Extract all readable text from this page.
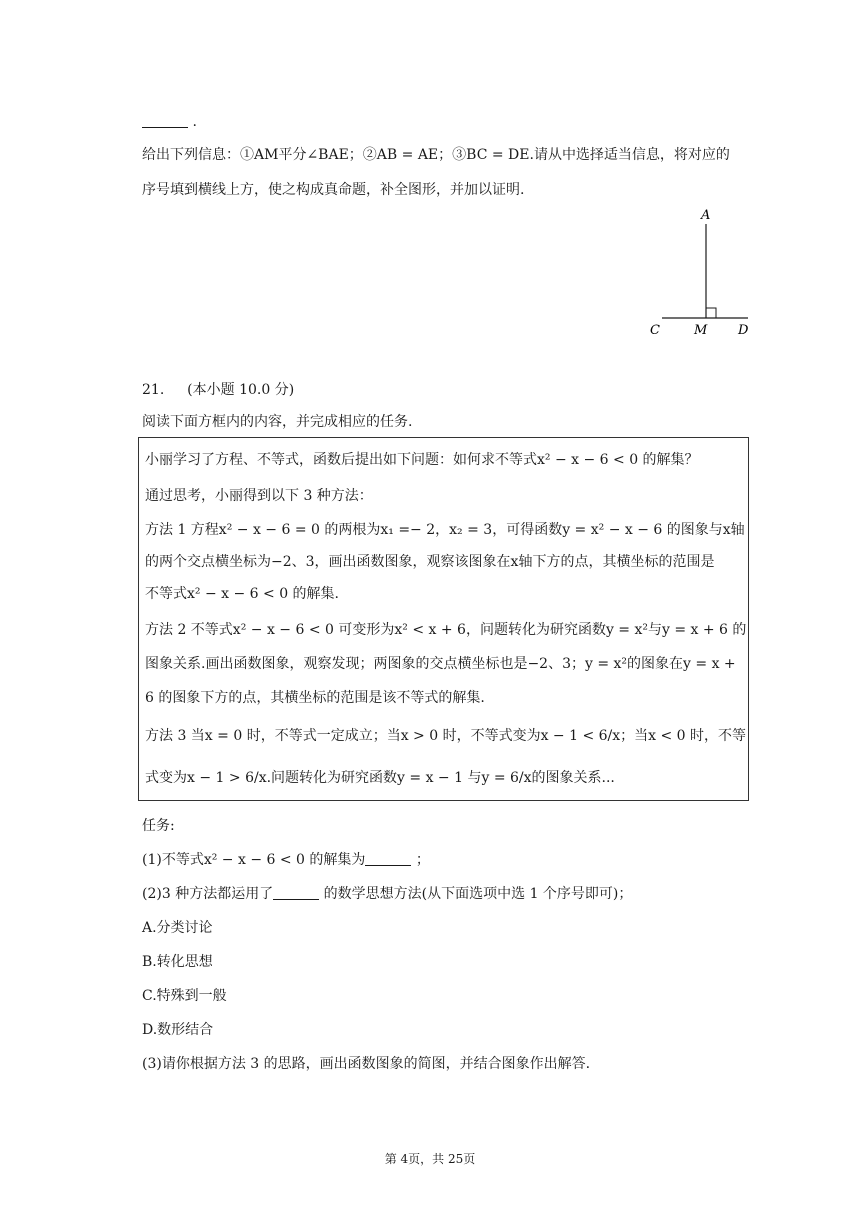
.
给出下列信息：①AM平分∠BAE；②AB = AE；③BC = DE.请从中选择适当信息，将对应的
序号填到横线上方，使之构成真命题，补全图形，并加以证明.
A
C	M D
21. (本小题 10.0 分)
阅读下面方框内的内容，并完成相应的任务.
小丽学习了方程、不等式，函数后提出如下问题：如何求不等式x² − x − 6 < 0 的解集？
通过思考，小丽得到以下 3 种方法：
方法 1 方程x² − x − 6 = 0 的两根为x₁ =− 2，x₂ = 3，可得函数y = x² − x − 6 的图象与x轴
的两个交点横坐标为−2、3，画出函数图象，观察该图象在x轴下方的点，其横坐标的范围是
不等式x² − x − 6 < 0 的解集.
方法 2 不等式x² − x − 6 < 0 可变形为x² < x + 6，问题转化为研究函数y = x²与y = x + 6 的
图象关系.画出函数图象，观察发现；两图象的交点横坐标也是−2、3；y = x²的图象在y = x +
6 的图象下方的点，其横坐标的范围是该不等式的解集.
方法 3 当x = 0 时，不等式一定成立；当x > 0 时，不等式变为x − 1 < 6/x；当x < 0 时，不等
式变为x − 1 > 6/x.问题转化为研究函数y = x − 1 与y = 6/x的图象关系...
任务:
(1)不等式x² − x − 6 < 0 的解集为	；
(2)3 种方法都运用了	的数学思想方法(从下面选项中选 1 个序号即可)；
A.分类讨论
B.转化思想
C.特殊到一般
D.数形结合
(3)请你根据方法 3 的思路，画出函数图象的简图，并结合图象作出解答.
第 4页，共 25页
